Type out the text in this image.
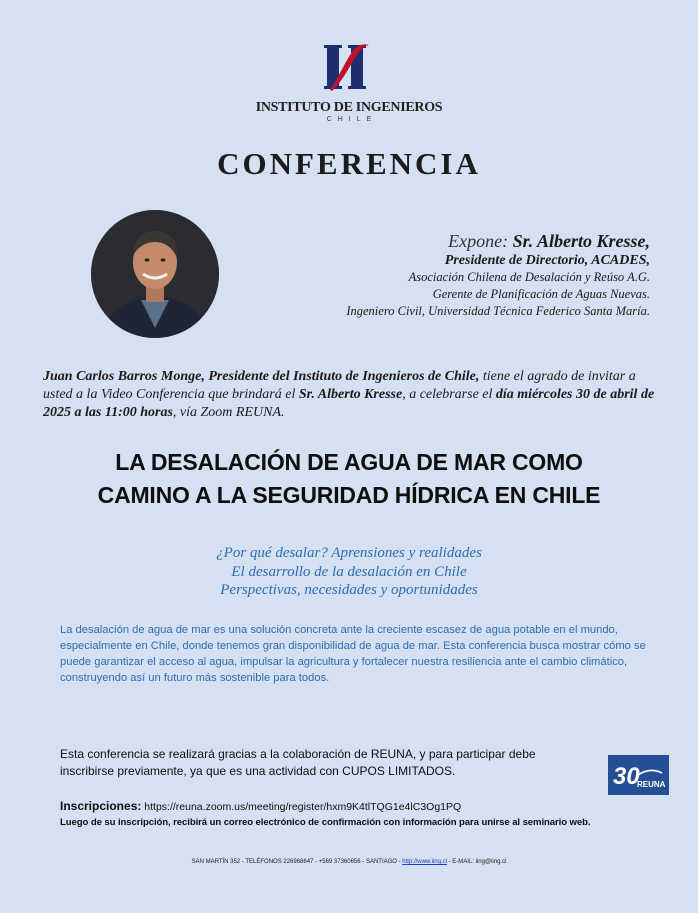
INSTITUTO DE INGENIEROS
CHILE
CONFERENCIA
Expone: Sr. Alberto Kresse,
Presidente de Directorio, ACADES,
Asociación Chilena de Desalación y Reúso A.G.
Gerente de Planificación de Aguas Nuevas.
Ingeniero Civil, Universidad Técnica Federico Santa María.
Juan Carlos Barros Monge, Presidente del Instituto de Ingenieros de Chile, tiene el agrado de invitar a usted a la Video Conferencia que brindará el Sr. Alberto Kresse, a celebrarse el día miércoles 30 de abril de 2025 a las 11:00 horas, vía Zoom REUNA.
LA DESALACIÓN DE AGUA DE MAR COMO
CAMINO A LA SEGURIDAD HÍDRICA EN CHILE
¿Por qué desalar? Aprensiones y realidades
El desarrollo de la desalación en Chile
Perspectivas, necesidades y oportunidades
La desalación de agua de mar es una solución concreta ante la creciente escasez de agua potable en el mundo, especialmente en Chile, donde tenemos gran disponibilidad de agua de mar. Esta conferencia busca mostrar cómo se puede garantizar el acceso al agua, impulsar la agricultura y fortalecer nuestra resiliencia ante el cambio climático, construyendo así un futuro más sostenible para todos.
Esta conferencia se realizará gracias a la colaboración de REUNA, y para participar debe inscribirse previamente, ya que es una actividad con CUPOS LIMITADOS.	30
REUNA
Inscripciones: https://reuna.zoom.us/meeting/register/hxm9K4tlTQG1e4lC3Og1PQ
Luego de su inscripción, recibirá un correo electrónico de confirmación con información para unirse al seminario web.
SAN MARTÍN 352 - TELÉFONOS 226968647 - +569 37360656 - SANTIAGO - http://www.iing.cl - E-MAIL: iing@iing.cl
